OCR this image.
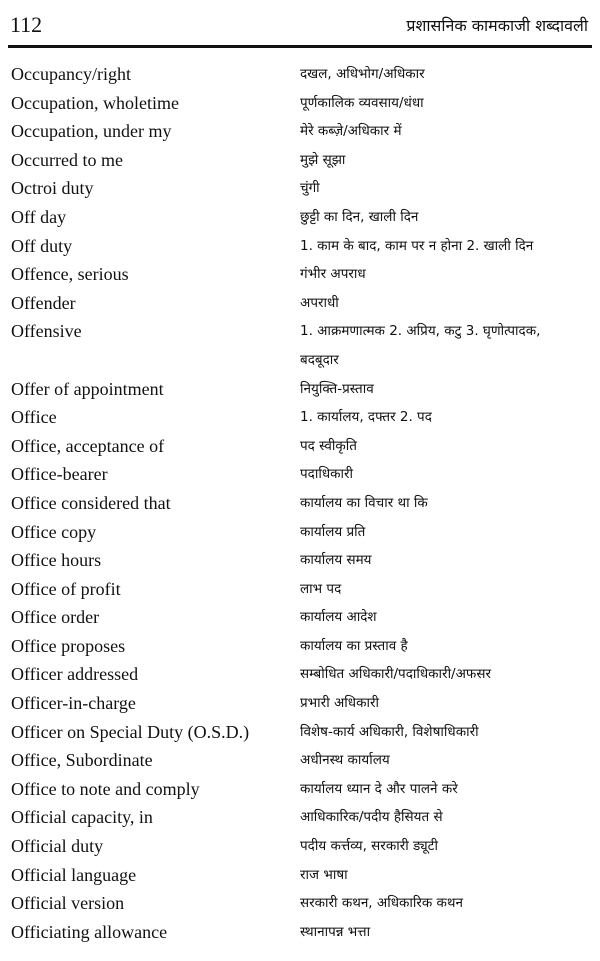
112	प्रशासनिक कामकाजी शब्दावली
Occupancy/right	दखल, अधिभोग/अधिकार
Occupation, wholetime	पूर्णकालिक व्यवसाय/धंधा
Occupation, under my	मेरे कब्ज़े/अधिकार में
Occurred to me	मुझे सूझा
Octroi duty	चुंगी
Off day	छुट्टी का दिन, खाली दिन
Off duty	1. काम के बाद, काम पर न होना 2. खाली दिन
Offence, serious	गंभीर अपराध
Offender	अपराधी
Offensive	1. आक्रमणात्मक 2. अप्रिय, कटु 3. घृणोत्पादक,
बदबूदार
Offer of appointment	नियुक्ति-प्रस्ताव
Office	1. कार्यालय, दफ्तर 2. पद
Office, acceptance of	पद स्वीकृति
Office-bearer	पदाधिकारी
Office considered that	कार्यालय का विचार था कि
Office copy	कार्यालय प्रति
Office hours	कार्यालय समय
Office of profit	लाभ पद
Office order	कार्यालय आदेश
Office proposes	कार्यालय का प्रस्ताव है
Officer addressed	सम्बोधित अधिकारी/पदाधिकारी/अफसर
Officer-in-charge	प्रभारी अधिकारी
Officer on Special Duty (O.S.D.)	विशेष-कार्य अधिकारी, विशेषाधिकारी
Office, Subordinate	अधीनस्थ कार्यालय
Office to note and comply	कार्यालय ध्यान दे और पालने करे
Official capacity, in	आधिकारिक/पदीय हैसियत से
Official duty	पदीय कर्त्तव्य, सरकारी ड्यूटी
Official language	राज भाषा
Official version	सरकारी कथन, अधिकारिक कथन
Officiating allowance	स्थानापन्न भत्ता
